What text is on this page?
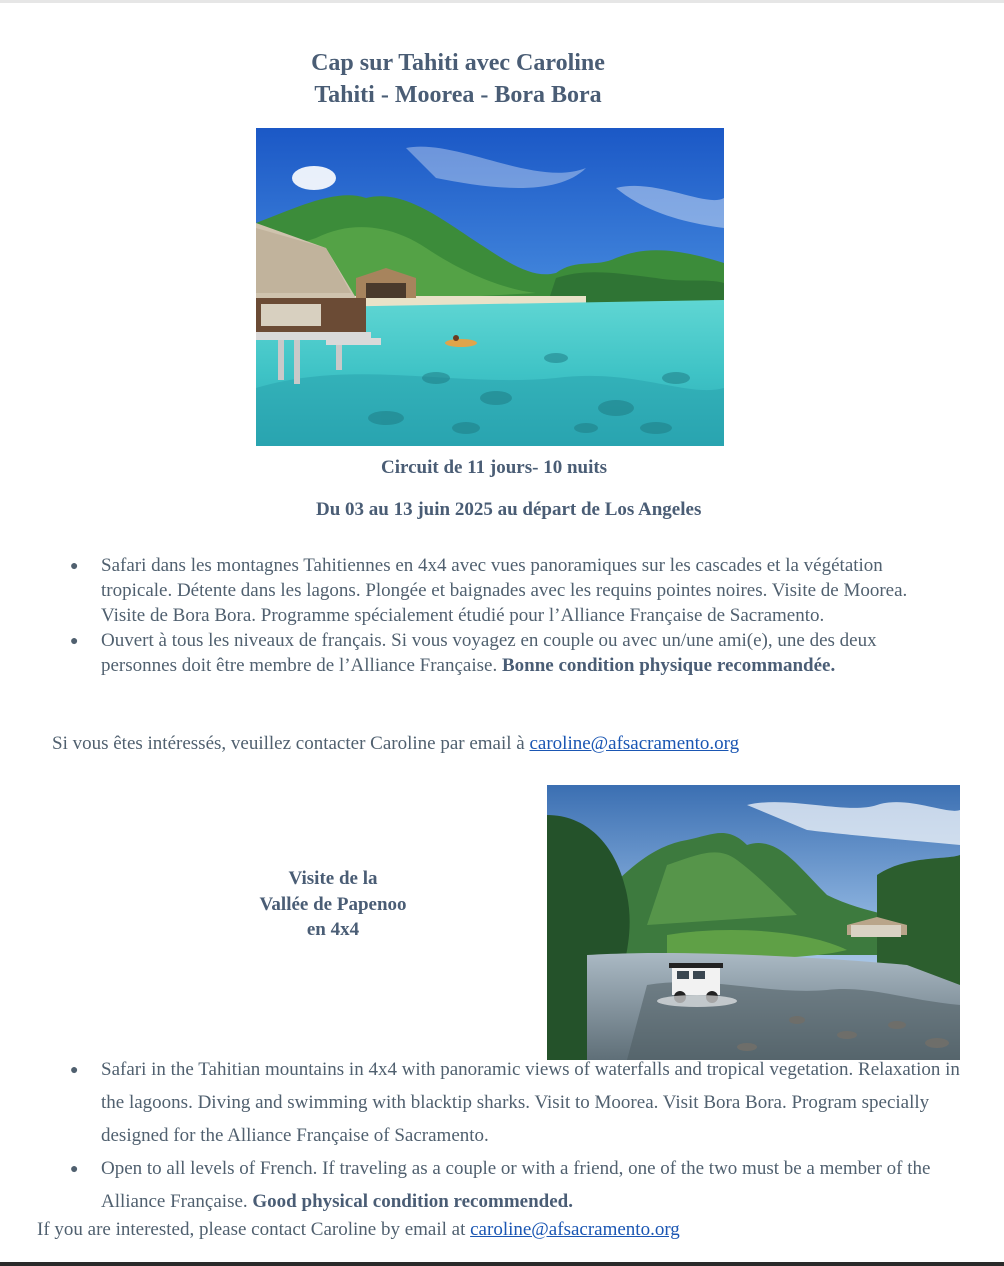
Cap sur Tahiti avec Caroline
Tahiti - Moorea - Bora Bora
Circuit de 11 jours- 10 nuits
Du 03 au 13 juin 2025 au départ de Los Angeles
● Safari dans les montagnes Tahitiennes en 4x4 avec vues panoramiques sur les cascades et la végétation tropicale. Détente dans les lagons. Plongée et baignades avec les requins pointes noires. Visite de Moorea. Visite de Bora Bora. Programme spécialement étudié pour l’Alliance Française de Sacramento.
● Ouvert à tous les niveaux de français. Si vous voyagez en couple ou avec un/une ami(e), une des deux personnes doit être membre de l’Alliance Française. Bonne condition physique recommandée.
Si vous êtes intéressés, veuillez contacter Caroline par email à caroline@afsacramento.org
Visite de la
Vallée de Papenoo
en 4x4
● Safari in the Tahitian mountains in 4x4 with panoramic views of waterfalls and tropical vegetation. Relaxation in the lagoons. Diving and swimming with blacktip sharks. Visit to Moorea. Visit Bora Bora. Program specially designed for the Alliance Française of Sacramento.
● Open to all levels of French. If traveling as a couple or with a friend, one of the two must be a member of the Alliance Française. Good physical condition recommended.
If you are interested, please contact Caroline by email at caroline@afsacramento.org
